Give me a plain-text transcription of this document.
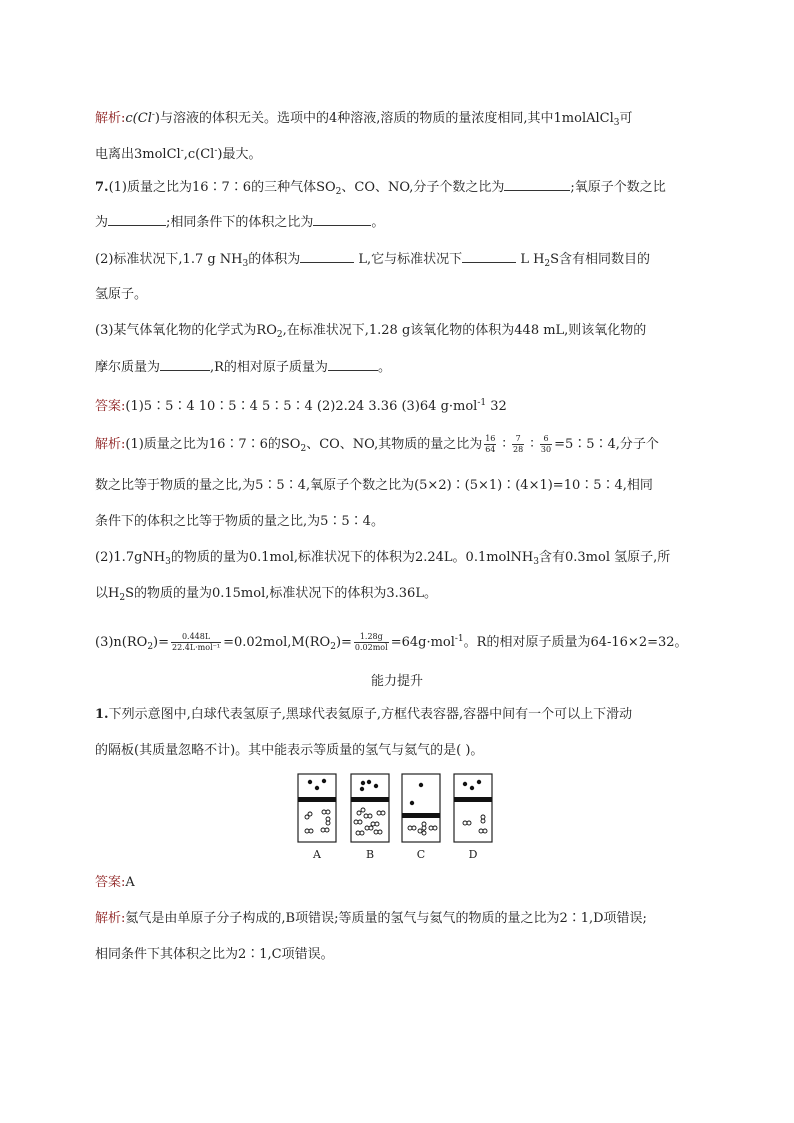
解析:c(Cl-)与溶液的体积无关。选项中的4种溶液,溶质的物质的量浓度相同,其中1molAlCl$_3$可
电离出3molCl-,c(Cl-)最大。
7.(1)质量之比为16∶7∶6的三种气体$SO_2$、CO、NO,分子个数之比为	;氧原子个数之比
为	;相同条件下的体积之比为	。
(2)标准状况下,1.7 g $NH_3$的体积为	L,它与标准状况下	L $H_2S$含有相同数目的
氢原子。
(3)某气体氧化物的化学式为$RO_2$,在标准状况下,1.28 g该氧化物的体积为448 mL,则该氧化物的
摩尔质量为	,R的相对原子质量为	。
答案:(1)5∶5∶4 10∶5∶4 5∶5∶4 (2)2.24 3.36 (3)64 g·mol$^{-1}$ 32
解析:(1)质量之比为16∶7∶6的$SO_2$、CO、NO,其物质的量之比为 $\frac{16}{64}$ ∶ $\frac{7}{28}$ ∶ $\frac{6}{30}$ =5∶5∶4,分子个
数之比等于物质的量之比,为5∶5∶4,氧原子个数之比为(5×2)∶(5×1)∶(4×1)=10∶5∶4,相同
条件下的体积之比等于物质的量之比,为5∶5∶4。
(2)1.7gNH$_3$的物质的量为0.1mol,标准状况下的体积为2.24L。0.1molNH$_3$含有0.3mol 氢原子,所
以$H_2S$的物质的量为0.15mol,标准状况下的体积为3.36L。
$(3)n(RO_2)= \frac{0.448L}{\text{22.4L·mol⁻¹}} =0.02mol,M(RO_2)= \frac{1.28g}{\text{0.02mol}} =64g\cdot mol^{-1}$。R的相对原子质量为64-16×2=32。
能力提升
1.下列示意图中,白球代表氢原子,黑球代表氦原子,方框代表容器,容器中间有一个可以上下滑动
的隔板(其质量忽略不计)。其中能表示等质量的氢气与氦气的是( )。
A	B	C	D
答案:A
解析:氦气是由单原子分子构成的,B项错误;等质量的氢气与氦气的物质的量之比为2∶1,D项错误;
相同条件下其体积之比为2∶1,C项错误。
